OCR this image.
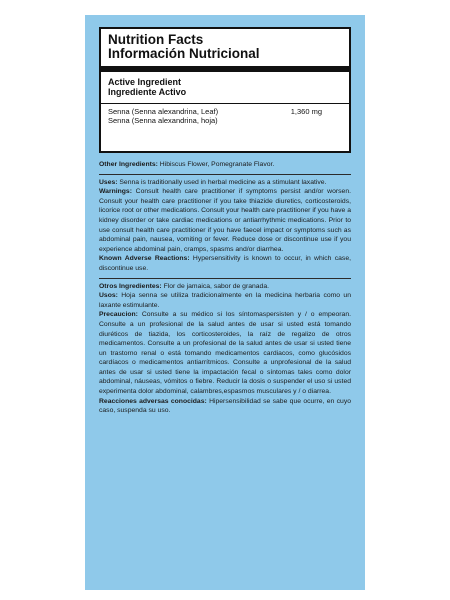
Nutrition Facts
Información Nutricional
Active Ingredient
Ingrediente Activo
Senna (Senna alexandrina, Leaf)	1,360 mg
Senna (Senna alexandrina, hoja)

Other Ingredients: Hibiscus Flower, Pomegranate Flavor.

Uses: Senna is traditionally used in herbal medicine as a stimulant laxative.

Warnings: Consult health care practitioner if symptoms persist and/or worsen. Consult your health care practitioner if you take thiazide diuretics, corticosteroids, licorice root or other medications. Consult your health care practitioner if you have a kidney disorder or take cardiac medications or antiarrhythmic medications. Prior to use consult health care practitioner if you have faecel impact or symptoms such as abdominal pain, nausea, vomiting or fever. Reduce dose or discontinue use if you experience abdominal pain, cramps, spasms and/or diarrhea.

Known Adverse Reactions: Hypersensitivity is known to occur, in which case, discontinue use.

Otros Ingredientes: Flor de jamaica, sabor de granada.

Usos: Hoja senna se utiliza tradicionalmente en la medicina herbaria como un laxante estimulante.

Precaucion: Consulte a su médico si los síntomaspersisten y / o empeoran. Consulte a un profesional de la salud antes de usar si usted está tomando diuréticos de tiazida, los corticosteroides, la raíz de regalizo de otros medicamentos. Consulte a un profesional de la salud antes de usar si usted tiene un trastorno renal o está tomando medicamentos cardiacos, como glucósidos cardíacos o medicamentos antiarrítmicos. Consulte a unprofesional de la salud antes de usar si usted tiene la impactación fecal o síntomas tales como dolor abdominal, náuseas, vómitos o fiebre. Reducir la dosis o suspender el uso si usted experimenta dolor abdominal, calambres,espasmos musculares y / o diarrea.

Reacciones adversas conocidas: Hipersensibilidad se sabe que ocurre, en cuyo caso, suspenda su uso.
